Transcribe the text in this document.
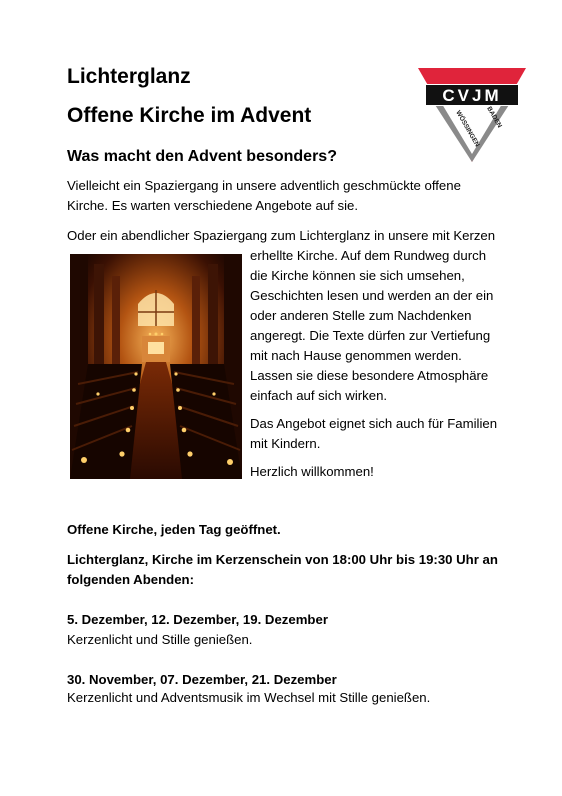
Lichterglanz
Offene Kirche im Advent
Was macht den Advent besonders?
CVJM
WÖSSINGEN BADEN
Vielleicht ein Spaziergang in unsere adventlich geschmückte offene
Kirche. Es warten verschiedene Angebote auf sie.
Oder ein abendlicher Spaziergang zum Lichterglanz in unsere mit Kerzen
erhellte Kirche. Auf dem Rundweg durch
die Kirche können sie sich umsehen,
Geschichten lesen und werden an der ein
oder anderen Stelle zum Nachdenken
angeregt. Die Texte dürfen zur Vertiefung
mit nach Hause genommen werden.
Lassen sie diese besondere Atmosphäre
einfach auf sich wirken.
Das Angebot eignet sich auch für Familien
mit Kindern.
Herzlich willkommen!
Offene Kirche, jeden Tag geöffnet.
Lichterglanz, Kirche im Kerzenschein von 18:00 Uhr bis 19:30 Uhr an
folgenden Abenden:
5. Dezember, 12. Dezember, 19. Dezember
Kerzenlicht und Stille genießen.
30. November, 07. Dezember, 21. Dezember
Kerzenlicht und Adventsmusik im Wechsel mit Stille genießen.
